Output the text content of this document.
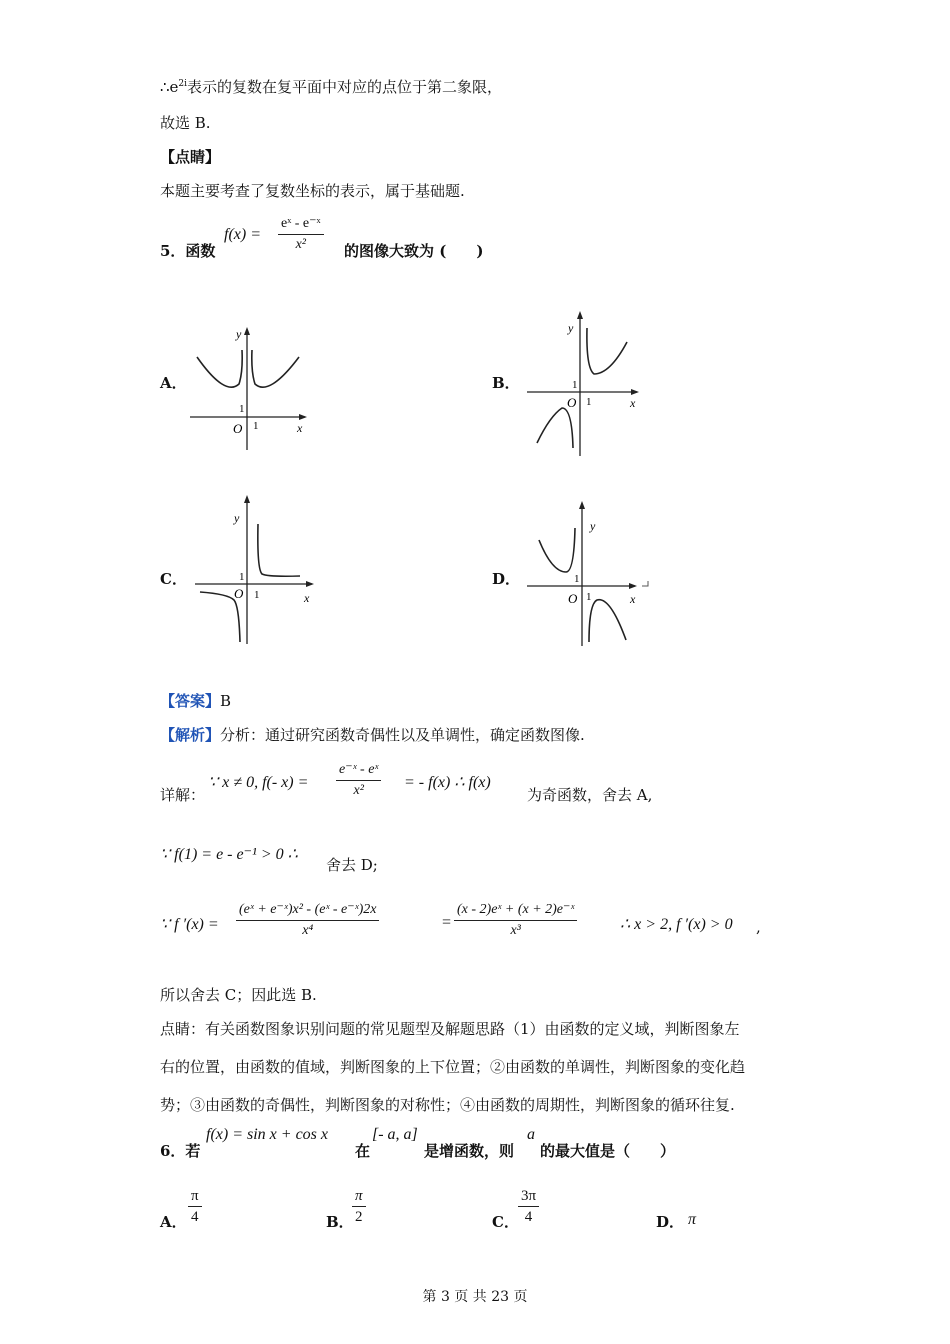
$\therefore e^{2i}$表示的复数在复平面中对应的点位于第二象限，
故选 B.
【点睛】
本题主要考查了复数坐标的表示，属于基础题.
5．函数
$f(x) = \frac{\text{eˣ - e⁻ˣ}}{\text{x²}}$ 的图像大致为 (　　)
A．
y
x
O
1
1
B．
y
x
O
1
1
C．
y
x
O
1
1
D．
y
x
O
1
1
【答案】B
【解析】分析：通过研究函数奇偶性以及单调性，确定函数图像.
详解：
∵ x ≠ 0, f(- $x) = \frac{\text{e⁻ˣ - eˣ}}{\text{x²}}$ = - f(x) ∴ f(x)
为奇函数，舍去 A,
∵ f(1) = e - e⁻¹ > 0 ∴
舍去 D;
∵ f $'(x) = \frac{\text{(eˣ + e⁻ˣ)x² - (eˣ - e⁻ˣ)2x}}{\text{x⁴}}$	= $\frac{\text{(x - 2)eˣ + (x + 2)e⁻ˣ}}{\text{x³}}$	∴ x > 2, f ′(x) > 0 ,
所以舍去 C；因此选 B.
点睛：有关函数图象识别问题的常见题型及解题思路（1）由函数的定义域，判断图象左
右的位置，由函数的值域，判断图象的上下位置；②由函数的单调性，判断图象的变化趋
势；③由函数的奇偶性，判断图象的对称性；④由函数的周期性，判断图象的循环往复.
6．若
f(x) = sin x + cos x
在
[- a, a]
是增函数，则
a
的最大值是（　　）
A． $\frac{\pi}{4}$	B．
$\frac{\pi}{2}$	C． $\frac{3\pi}{4}$	D． π
第 3 页 共 23 页
